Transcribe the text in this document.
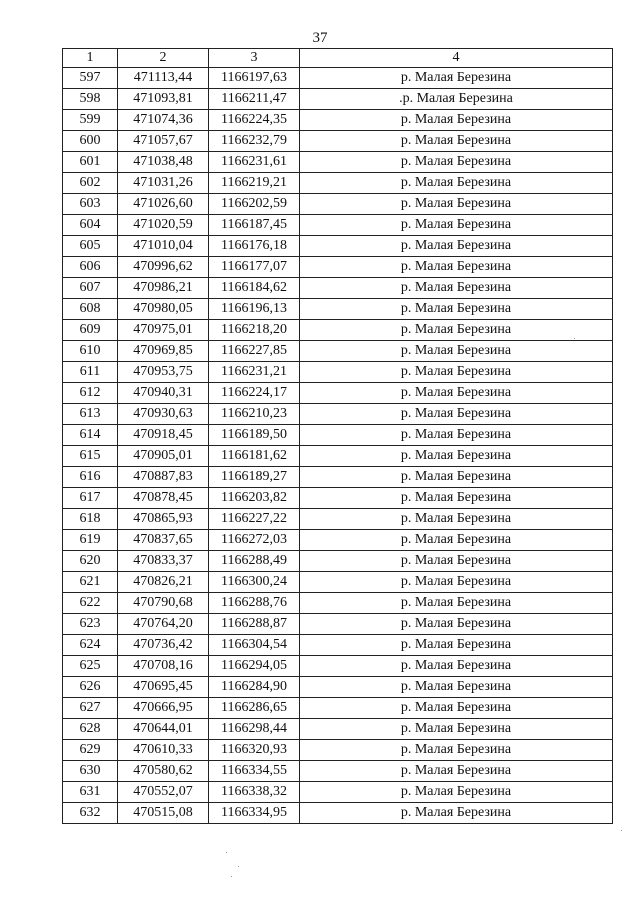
37
1	2	3	4
597	471113,44	1166197,63	р. Малая Березина
598	471093,81	1166211,47	.р. Малая Березина
599	471074,36	1166224,35	р. Малая Березина
600	471057,67	1166232,79	р. Малая Березина
601	471038,48	1166231,61	р. Малая Березина
602	471031,26	1166219,21	р. Малая Березина
603	471026,60	1166202,59	р. Малая Березина
604	471020,59	1166187,45	р. Малая Березина
605	471010,04	1166176,18	р. Малая Березина
606	470996,62	1166177,07	р. Малая Березина
607	470986,21	1166184,62	р. Малая Березина
608	470980,05	1166196,13	р. Малая Березина
609	470975,01	1166218,20	р. Малая Березина
610	470969,85	1166227,85	р. Малая Березина
611	470953,75	1166231,21	р. Малая Березина
612	470940,31	1166224,17	р. Малая Березина
613	470930,63	1166210,23	р. Малая Березина
614	470918,45	1166189,50	р. Малая Березина
615	470905,01	1166181,62	р. Малая Березина
616	470887,83	1166189,27	р. Малая Березина
617	470878,45	1166203,82	р. Малая Березина
618	470865,93	1166227,22	р. Малая Березина
619	470837,65	1166272,03	р. Малая Березина
620	470833,37	1166288,49	р. Малая Березина
621	470826,21	1166300,24	р. Малая Березина
622	470790,68	1166288,76	р. Малая Березина
623	470764,20	1166288,87	р. Малая Березина
624	470736,42	1166304,54	р. Малая Березина
625	470708,16	1166294,05	р. Малая Березина
626	470695,45	1166284,90	р. Малая Березина
627	470666,95	1166286,65	р. Малая Березина
628	470644,01	1166298,44	р. Малая Березина
629	470610,33	1166320,93	р. Малая Березина
630	470580,62	1166334,55	р. Малая Березина
631	470552,07	1166338,32	р. Малая Березина
632	470515,08	1166334,95	р. Малая Березина
